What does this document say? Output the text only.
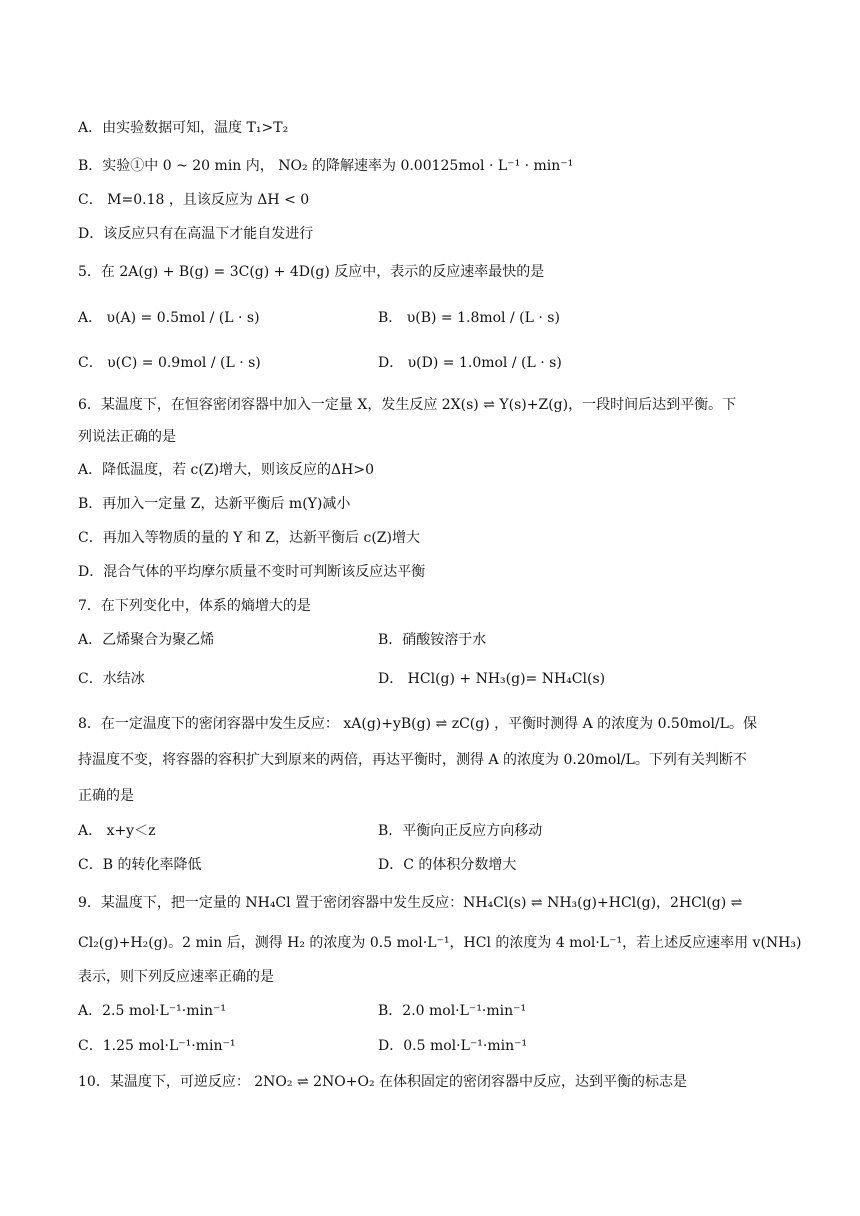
A．由实验数据可知，温度 T₁>T₂
B．实验①中 0 ~ 20 min 内， NO₂ 的降解速率为 0.00125mol · L⁻¹ · min⁻¹
C． M=0.18 ，且该反应为 ΔH < 0
D．该反应只有在高温下才能自发进行
5．在 2A(g) + B(g) = 3C(g) + 4D(g) 反应中，表示的反应速率最快的是
A． υ(A) = 0.5mol / (L · s)	B． υ(B) = 1.8mol / (L · s)
C． υ(C) = 0.9mol / (L · s)	D． υ(D) = 1.0mol / (L · s)
6．某温度下，在恒容密闭容器中加入一定量 X，发生反应 2X(s) ⇌ Y(s)+Z(g)，一段时间后达到平衡。下
列说法正确的是
A．降低温度，若 c(Z)增大，则该反应的ΔH>0
B．再加入一定量 Z，达新平衡后 m(Y)减小
C．再加入等物质的量的 Y 和 Z，达新平衡后 c(Z)增大
D．混合气体的平均摩尔质量不变时可判断该反应达平衡
7．在下列变化中，体系的熵增大的是
A．乙烯聚合为聚乙烯	B．硝酸铵溶于水
C．水结冰	D． HCl(g) + NH₃(g)= NH₄Cl(s)
8．在一定温度下的密闭容器中发生反应： xA(g)+yB(g) ⇌ zC(g) ，平衡时测得 A 的浓度为 0.50mol/L。保
持温度不变，将容器的容积扩大到原来的两倍，再达平衡时，测得 A 的浓度为 0.20mol/L。下列有关判断不
正确的是
A． x+y＜z	B．平衡向正反应方向移动
C．B 的转化率降低	D．C 的体积分数增大
9．某温度下，把一定量的 NH₄Cl 置于密闭容器中发生反应：NH₄Cl(s) ⇌ NH₃(g)+HCl(g)，2HCl(g) ⇌
Cl₂(g)+H₂(g)。2 min 后，测得 H₂ 的浓度为 0.5 mol·L⁻¹，HCl 的浓度为 4 mol·L⁻¹，若上述反应速率用 v(NH₃)
表示，则下列反应速率正确的是
A．2.5 mol·L⁻¹·min⁻¹	B．2.0 mol·L⁻¹·min⁻¹
C．1.25 mol·L⁻¹·min⁻¹	D．0.5 mol·L⁻¹·min⁻¹
10．某温度下，可逆反应： 2NO₂ ⇌ 2NO+O₂ 在体积固定的密闭容器中反应，达到平衡的标志是
